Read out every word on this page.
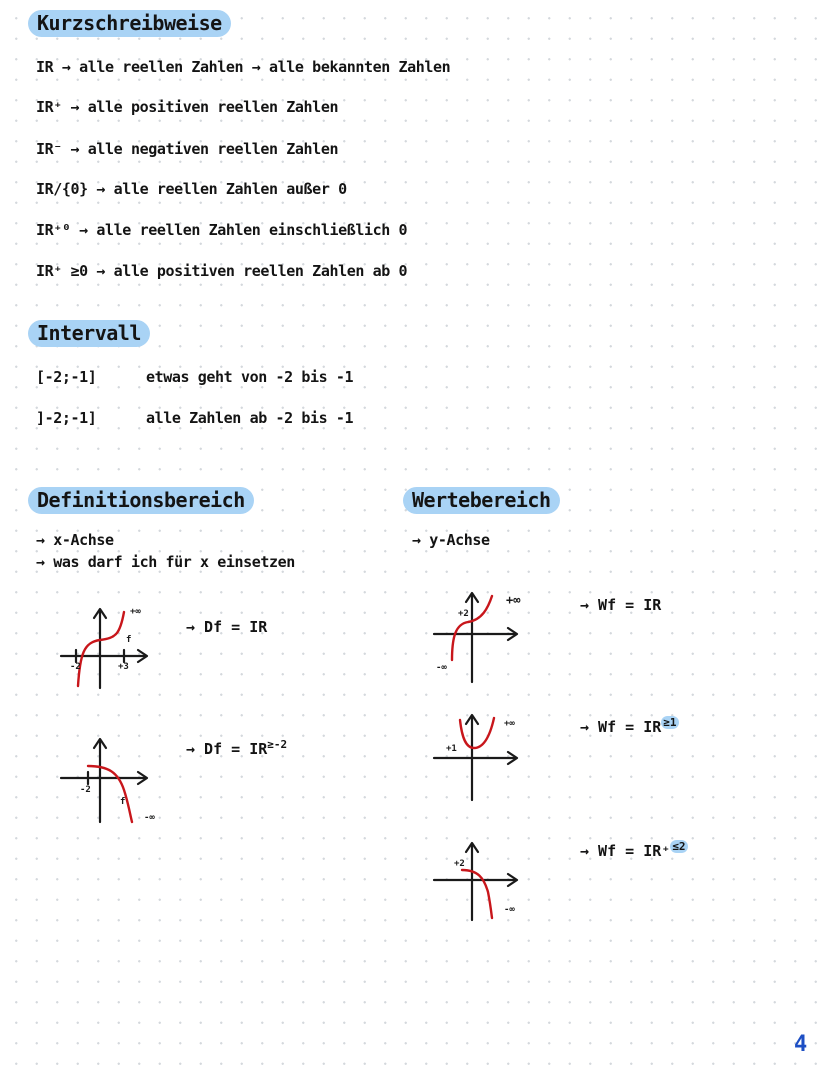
Kurzschreibweise
IR → alle reellen Zahlen → alle bekannten Zahlen
IR⁺ → alle positiven reellen Zahlen
IR⁻ → alle negativen reellen Zahlen
IR/{0} → alle reellen Zahlen außer 0
IR⁺⁰ → alle reellen Zahlen einschließlich 0
IR⁺ ≥0 → alle positiven reellen Zahlen ab 0
Intervall
[-2;-1]	etwas geht von -2 bis -1
]-2;-1]	alle Zahlen ab -2 bis -1
Definitionsbereich
→ x-Achse
→ was darf ich für x einsetzen
Wertebereich
→ y-Achse
+∞
-2	+3
f
→ Df = IR
-2
-∞
f
→ $Df = IR^{\ge-2}$
+2
+∞
-∞
→ Wf = IR
+1
+∞	→ Wf = IR $^{\ge 1}$
+2
-∞
→ Wf = IR⁺ $^{\le 2}$
4
